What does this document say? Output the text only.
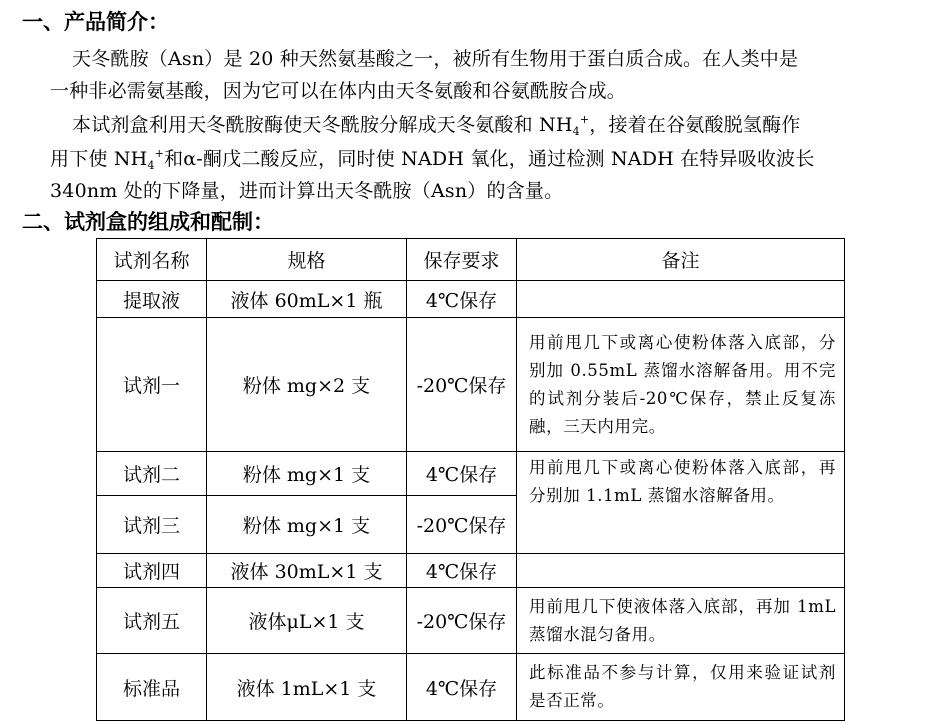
一、产品简介：
天冬酰胺（Asn）是 20 种天然氨基酸之一，被所有生物用于蛋白质合成。在人类中是
一种非必需氨基酸，因为它可以在体内由天冬氨酸和谷氨酰胺合成。
本试剂盒利用天冬酰胺酶使天冬酰胺分解成天冬氨酸和 $NH_4^+$，接着在谷氨酸脱氢酶作
用下使 $NH_4^+$和α-酮戊二酸反应，同时使 NADH 氧化，通过检测 NADH 在特异吸收波长
340nm 处的下降量，进而计算出天冬酰胺（Asn）的含量。
二、试剂盒的组成和配制：
试剂名称	规格	保存要求	备注
提取液	液体 60mL×1 瓶	4℃保存	
试剂一	粉体 mg×2 支	-20℃保存	用前甩几下或离心使粉体落入底部，分别加 0.55mL 蒸馏水溶解备用。用不完的试剂分装后-20℃保存，禁止反复冻融，三天内用完。
试剂二	粉体 mg×1 支	4℃保存	用前甩几下或离心使粉体落入底部，再分别加 1.1mL 蒸馏水溶解备用。
试剂三	粉体 mg×1 支	-20℃保存	
试剂四	液体 30mL×1 支	4℃保存	
试剂五	液体μL×1 支	-20℃保存	用前甩几下使液体落入底部，再加 1mL 蒸馏水混匀备用。
标准品	液体 1mL×1 支	4℃保存	此标准品不参与计算，仅用来验证试剂是否正常。
